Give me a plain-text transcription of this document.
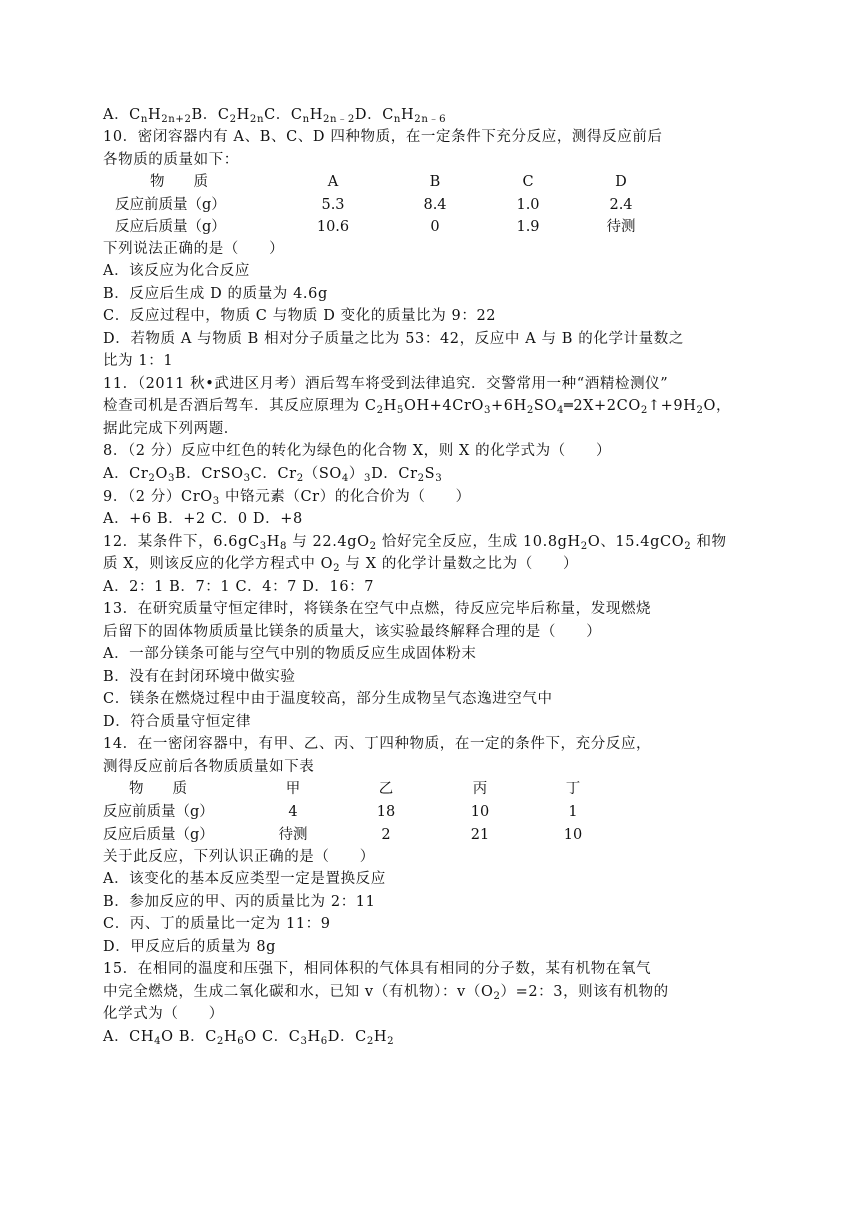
A．$C_nH_{2n+2}B$．$C_2H_{2n}C$．$C_nH_{2n﹣2}D$．$C_nH_{2n﹣6}$
10．密闭容器内有 A、B、C、D 四种物质，在一定条件下充分反应，测得反应前后
各物质的质量如下：
物　　质	A	B	C	D
反应前质量（g）	5.3	8.4	1.0	2.4
反应后质量（g）	10.6	0	1.9	待测
下列说法正确的是（　　）
A．该反应为化合反应
B．反应后生成 D 的质量为 4.6g
C．反应过程中，物质 C 与物质 D 变化的质量比为 9：22
D．若物质 A 与物质 B 相对分子质量之比为 53：42，反应中 A 与 B 的化学计量数之
比为 1：1
11．（2011 秋•武进区月考）酒后驾车将受到法律追究．交警常用一种“酒精检测仪”
检查司机是否酒后驾车．其反应原理为 $C_2H_5OH+4CrO_3+6H_2SO_4═2X+2CO_2↑+9H_2O$，
据此完成下列两题．
8．（2 分）反应中红色的转化为绿色的化合物 X，则 X 的化学式为（　　）
A．$Cr_2O_3B$．CrSO$_3$C．$Cr_2(SO_4)_3D$．$Cr_2S_3$
9．（2 分）CrO$_3$ 中铬元素（Cr）的化合价为（　　）
A．+6 B．+2 C．0 D．+8
12．某条件下，$6.6gC_3H_8$ 与 $22.4gO_2$ 恰好完全反应，生成 $10.8gH_2O$、15.4gCO$_2$ 和物
质 X，则该反应的化学方程式中 $O_2$ 与 X 的化学计量数之比为（　　）
A．2：1 B．7：1 C．4：7 D．16：7
13．在研究质量守恒定律时，将镁条在空气中点燃，待反应完毕后称量，发现燃烧
后留下的固体物质质量比镁条的质量大，该实验最终解释合理的是（　　）
A．一部分镁条可能与空气中别的物质反应生成固体粉末
B．没有在封闭环境中做实验
C．镁条在燃烧过程中由于温度较高，部分生成物呈气态逸进空气中
D．符合质量守恒定律
14．在一密闭容器中，有甲、乙、丙、丁四种物质，在一定的条件下，充分反应，
测得反应前后各物质质量如下表
物　　质	甲	乙	丙	丁
反应前质量（g）	4	18	10	1
反应后质量（g）	待测	2	21	10
关于此反应，下列认识正确的是（　　）
A．该变化的基本反应类型一定是置换反应
B．参加反应的甲、丙的质量比为 2：11
C．丙、丁的质量比一定为 11：9
D．甲反应后的质量为 8g
15．在相同的温度和压强下，相同体积的气体具有相同的分子数，某有机物在氧气
中完全燃烧，生成二氧化碳和水，已知 v（有机物）：$v(O_2)=2$：3，则该有机物的
化学式为（　　）
A．$CH_4O$ B．$C_2H_6O$ C．$C_3H_6D$．$C_2H_2$
